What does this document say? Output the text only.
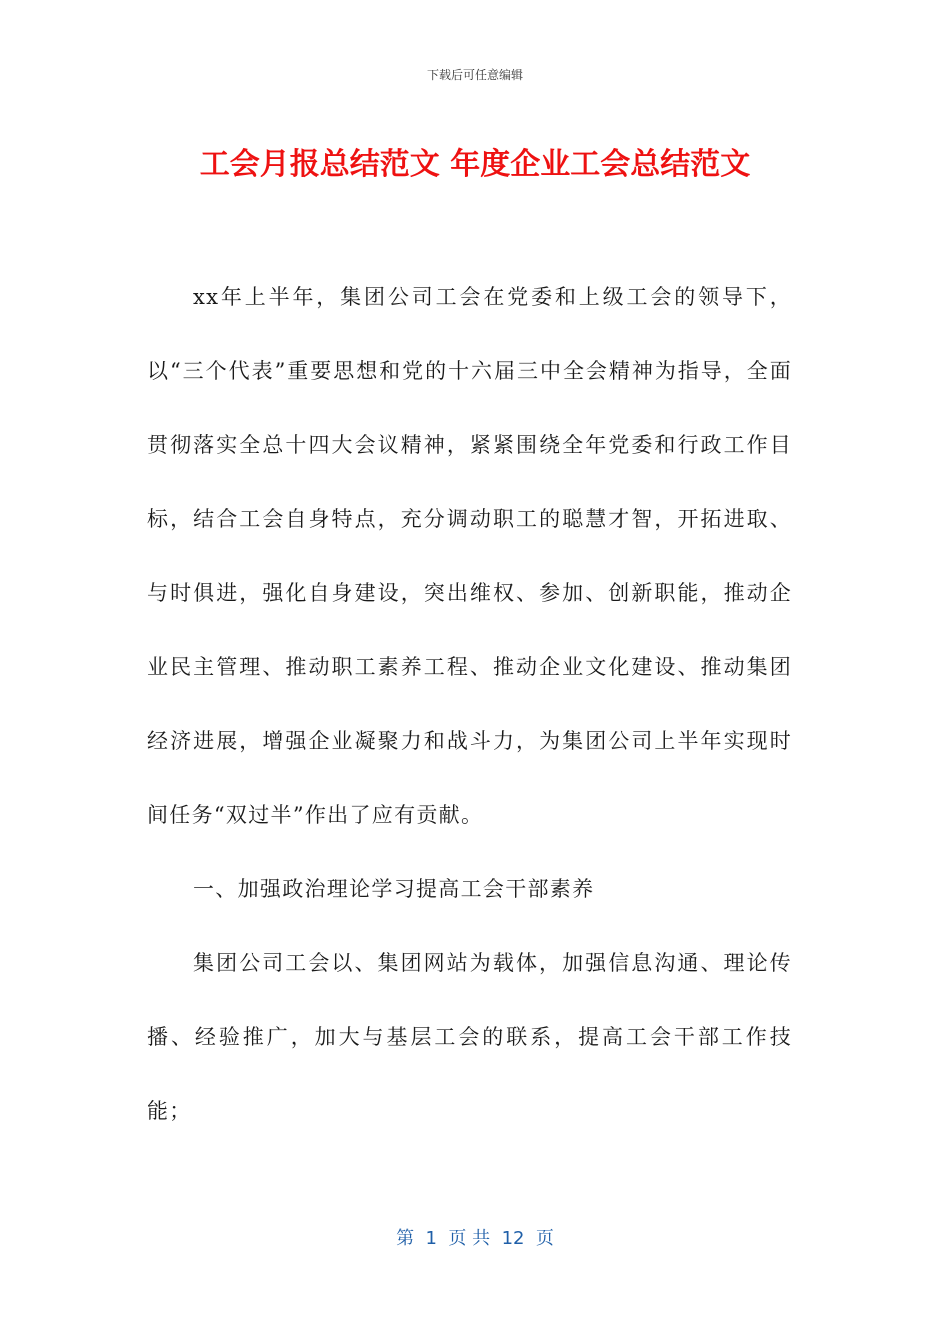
下载后可任意编辑
工会月报总结范文 年度企业工会总结范文

xx年上半年，集团公司工会在党委和上级工会的领导下，以“三个代表”重要思想和党的十六届三中全会精神为指导，全面贯彻落实全总十四大会议精神，紧紧围绕全年党委和行政工作目标，结合工会自身特点，充分调动职工的聪慧才智，开拓进取、与时俱进，强化自身建设，突出维权、参加、创新职能，推动企业民主管理、推动职工素养工程、推动企业文化建设、推动集团经济进展，增强企业凝聚力和战斗力，为集团公司上半年实现时间任务“双过半”作出了应有贡献。

一、加强政治理论学习提高工会干部素养

集团公司工会以、集团网站为载体，加强信息沟通、理论传播、经验推广，加大与基层工会的联系，提高工会干部工作技能；

第  1  页 共  12  页
